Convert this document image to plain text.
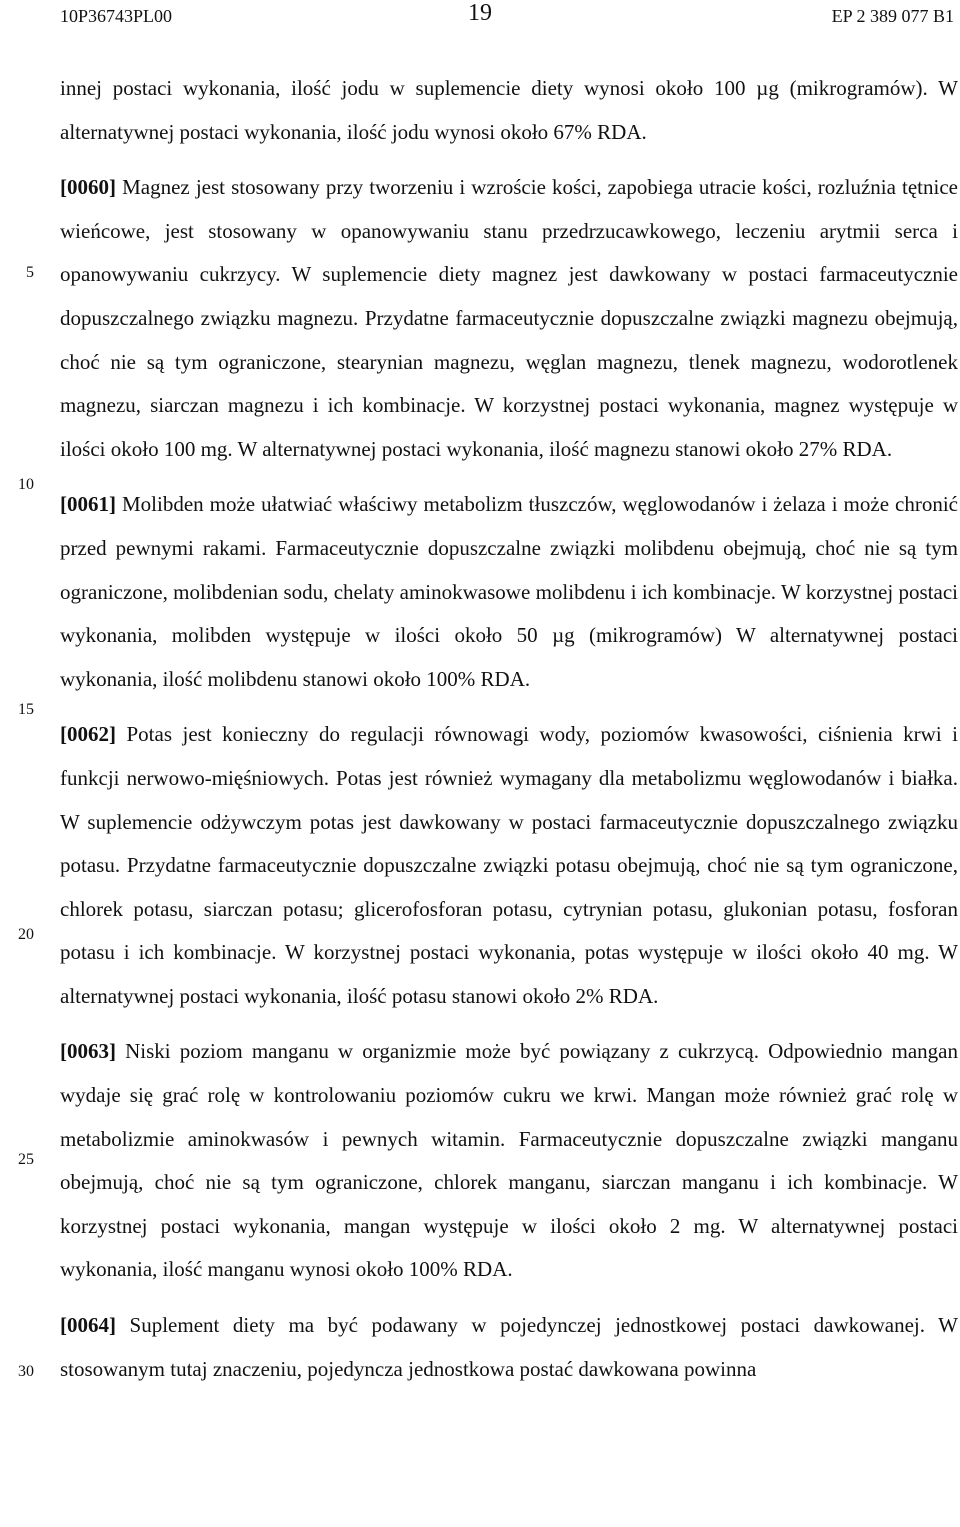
10P36743PL00	19	EP 2 389 077 B1
5
10
15
20
25
30

innej postaci wykonania, ilość jodu w suplemencie diety wynosi około 100 µg (mikrogramów). W alternatywnej postaci wykonania, ilość jodu wynosi około 67% RDA.

[0060] Magnez jest stosowany przy tworzeniu i wzroście kości, zapobiega utracie kości, rozluźnia tętnice wieńcowe, jest stosowany w opanowywaniu stanu przedrzucawkowego, leczeniu arytmii serca i opanowywaniu cukrzycy. W suplemencie diety magnez jest dawkowany w postaci farmaceutycznie dopuszczalnego związku magnezu. Przydatne farmaceutycznie dopuszczalne związki magnezu obejmują, choć nie są tym ograniczone, stearynian magnezu, węglan magnezu, tlenek magnezu, wodorotlenek magnezu, siarczan magnezu i ich kombinacje. W korzystnej postaci wykonania, magnez występuje w ilości około 100 mg. W alternatywnej postaci wykonania, ilość magnezu stanowi około 27% RDA.

[0061] Molibden może ułatwiać właściwy metabolizm tłuszczów, węglowodanów i żelaza i może chronić przed pewnymi rakami. Farmaceutycznie dopuszczalne związki molibdenu obejmują, choć nie są tym ograniczone, molibdenian sodu, chelaty aminokwasowe molibdenu i ich kombinacje. W korzystnej postaci wykonania, molibden występuje w ilości około 50 µg (mikrogramów) W alternatywnej postaci wykonania, ilość molibdenu stanowi około 100% RDA.

[0062] Potas jest konieczny do regulacji równowagi wody, poziomów kwasowości, ciśnienia krwi i funkcji nerwowo-mięśniowych. Potas jest również wymagany dla metabolizmu węglowodanów i białka. W suplemencie odżywczym potas jest dawkowany w postaci farmaceutycznie dopuszczalnego związku potasu. Przydatne farmaceutycznie dopuszczalne związki potasu obejmują, choć nie są tym ograniczone, chlorek potasu, siarczan potasu; glicerofosforan potasu, cytrynian potasu, glukonian potasu, fosforan potasu i ich kombinacje. W korzystnej postaci wykonania, potas występuje w ilości około 40 mg. W alternatywnej postaci wykonania, ilość potasu stanowi około 2% RDA.

[0063] Niski poziom manganu w organizmie może być powiązany z cukrzycą. Odpowiednio mangan wydaje się grać rolę w kontrolowaniu poziomów cukru we krwi. Mangan może również grać rolę w metabolizmie aminokwasów i pewnych witamin. Farmaceutycznie dopuszczalne związki manganu obejmują, choć nie są tym ograniczone, chlorek manganu, siarczan manganu i ich kombinacje. W korzystnej postaci wykonania, mangan występuje w ilości około 2 mg. W alternatywnej postaci wykonania, ilość manganu wynosi około 100% RDA.

[0064] Suplement diety ma być podawany w pojedynczej jednostkowej postaci dawkowanej. W stosowanym tutaj znaczeniu, pojedyncza jednostkowa postać dawkowana powinna
